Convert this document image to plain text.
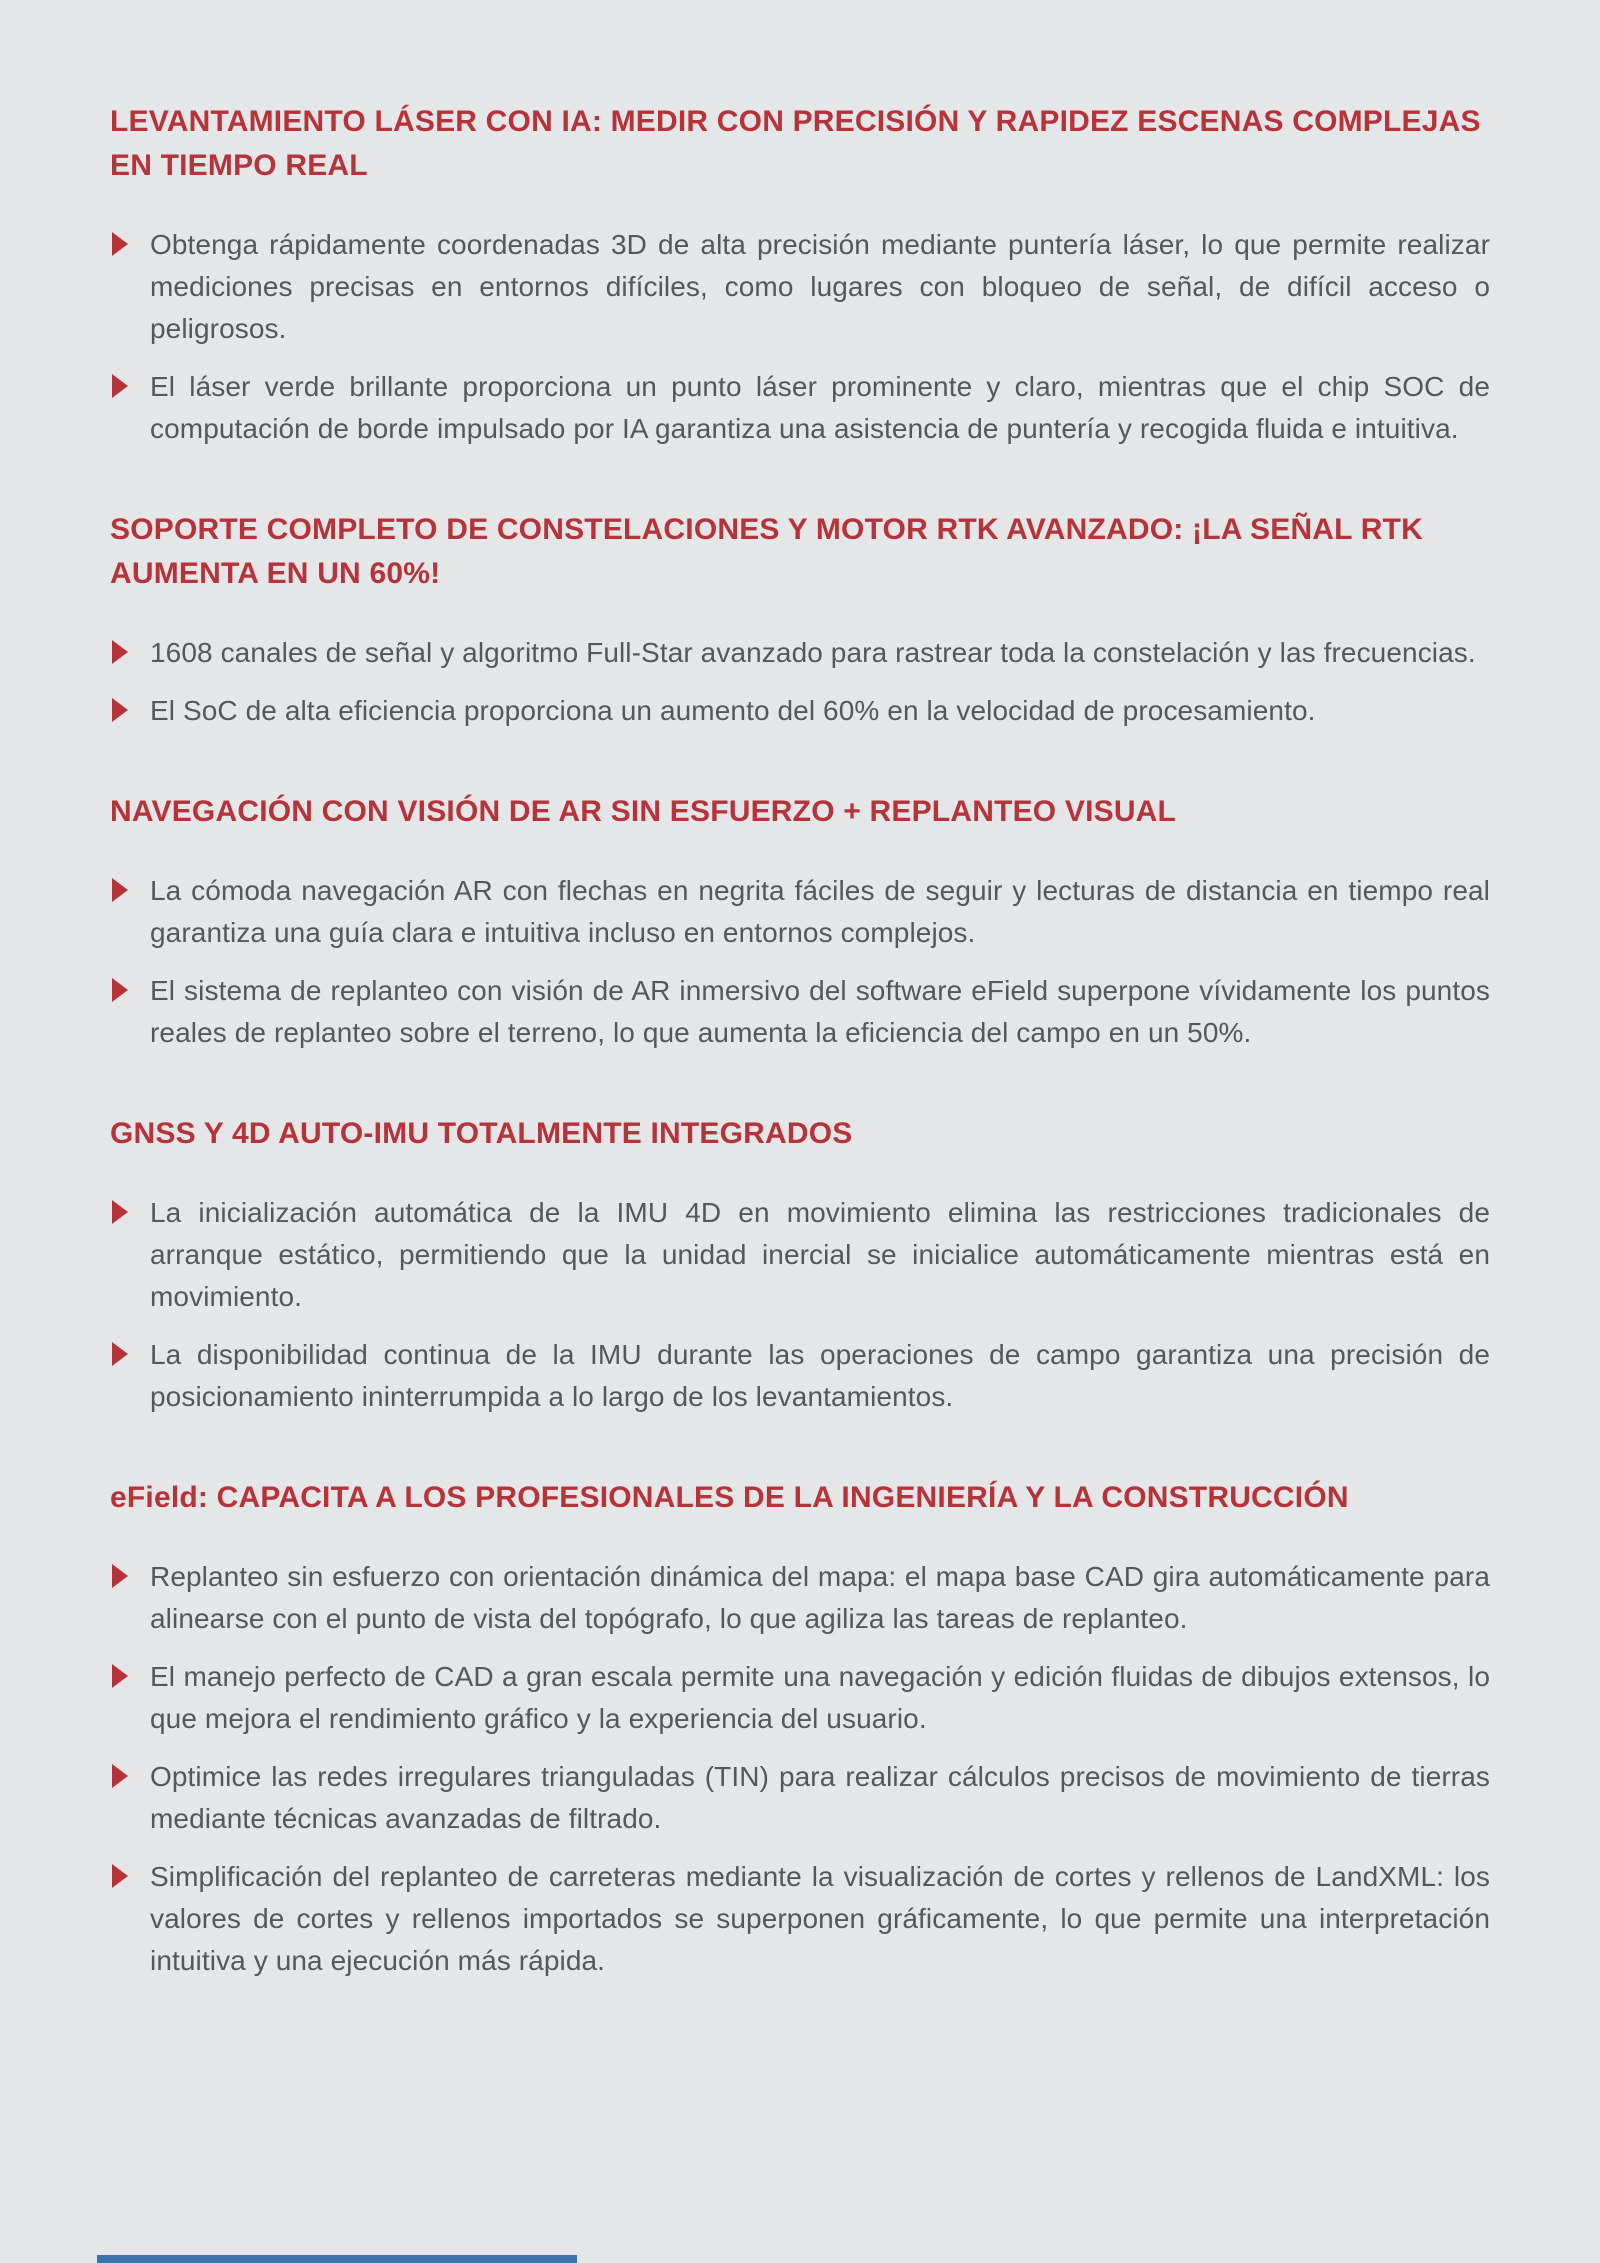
LEVANTAMIENTO LÁSER CON IA: MEDIR CON PRECISIÓN Y RAPIDEZ ESCENAS COMPLEJAS EN TIEMPO REAL

Obtenga rápidamente coordenadas 3D de alta precisión mediante puntería láser, lo que permite realizar mediciones precisas en entornos difíciles, como lugares con bloqueo de señal, de difícil acceso o peligrosos.

El láser verde brillante proporciona un punto láser prominente y claro, mientras que el chip SOC de computación de borde impulsado por IA garantiza una asistencia de puntería y recogida fluida e intuitiva.

SOPORTE COMPLETO DE CONSTELACIONES Y MOTOR RTK AVANZADO: ¡LA SEÑAL RTK AUMENTA EN UN 60%!

1608 canales de señal y algoritmo Full-Star avanzado para rastrear toda la constelación y las frecuencias.

El SoC de alta eficiencia proporciona un aumento del 60% en la velocidad de procesamiento.

NAVEGACIÓN CON VISIÓN DE AR SIN ESFUERZO + REPLANTEO VISUAL

La cómoda navegación AR con flechas en negrita fáciles de seguir y lecturas de distancia en tiempo real garantiza una guía clara e intuitiva incluso en entornos complejos.

El sistema de replanteo con visión de AR inmersivo del software eField superpone vívidamente los puntos reales de replanteo sobre el terreno, lo que aumenta la eficiencia del campo en un 50%.

GNSS Y 4D AUTO-IMU TOTALMENTE INTEGRADOS

La inicialización automática de la IMU 4D en movimiento elimina las restricciones tradicionales de arranque estático, permitiendo que la unidad inercial se inicialice automáticamente mientras está en movimiento.

La disponibilidad continua de la IMU durante las operaciones de campo garantiza una precisión de posicionamiento ininterrumpida a lo largo de los levantamientos.

eField: CAPACITA A LOS PROFESIONALES DE LA INGENIERÍA Y LA CONSTRUCCIÓN

Replanteo sin esfuerzo con orientación dinámica del mapa: el mapa base CAD gira automáticamente para alinearse con el punto de vista del topógrafo, lo que agiliza las tareas de replanteo.

El manejo perfecto de CAD a gran escala permite una navegación y edición fluidas de dibujos extensos, lo que mejora el rendimiento gráfico y la experiencia del usuario.

Optimice las redes irregulares trianguladas (TIN) para realizar cálculos precisos de movimiento de tierras mediante técnicas avanzadas de filtrado.

Simplificación del replanteo de carreteras mediante la visualización de cortes y rellenos de LandXML: los valores de cortes y rellenos importados se superponen gráficamente, lo que permite una interpretación intuitiva y una ejecución más rápida.
